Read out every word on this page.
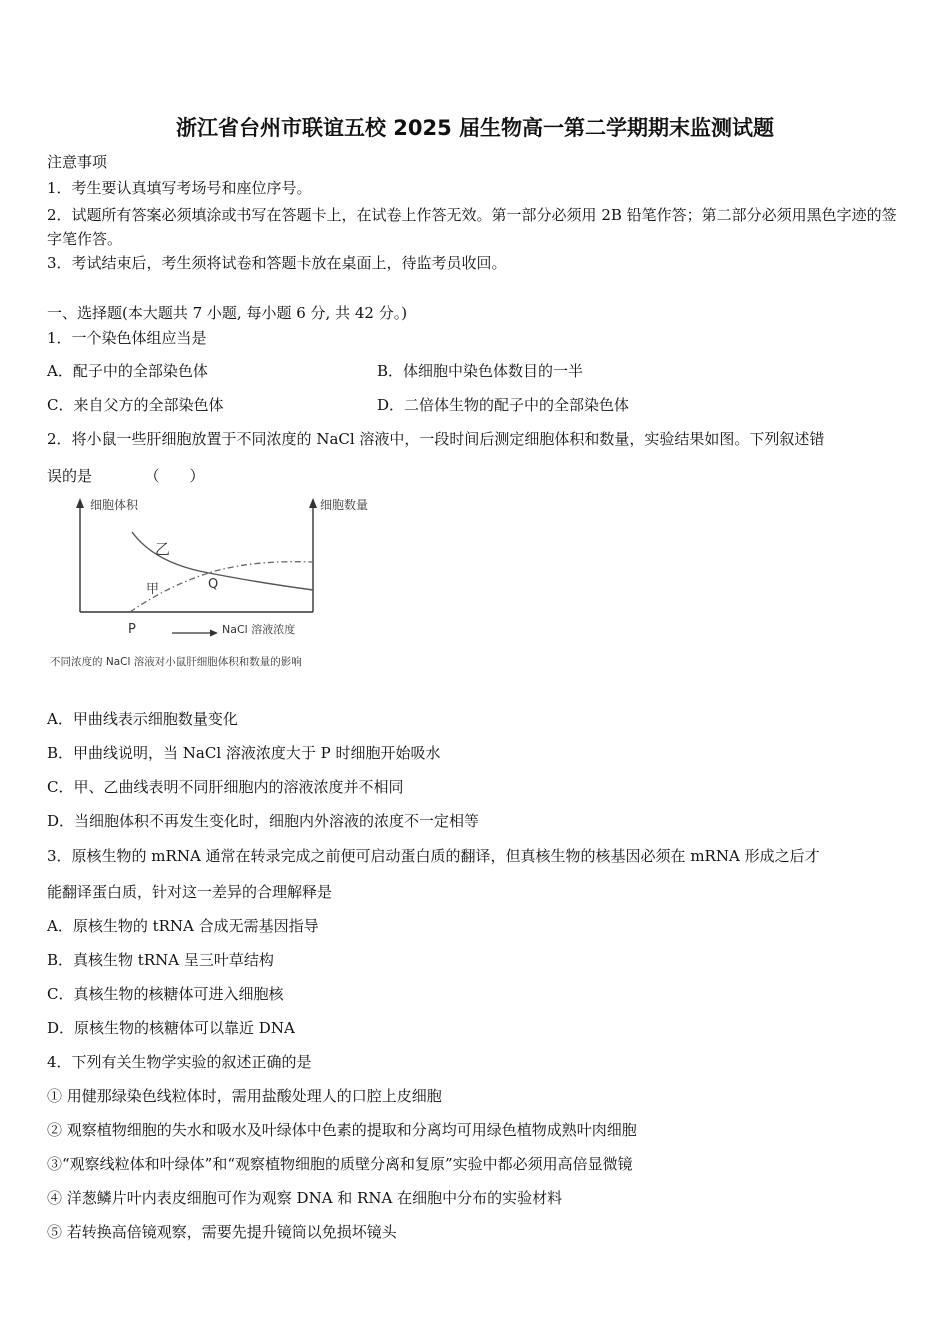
浙江省台州市联谊五校 2025 届生物高一第二学期期末监测试题
注意事项
1．考生要认真填写考场号和座位序号。
2．试题所有答案必须填涂或书写在答题卡上，在试卷上作答无效。第一部分必须用 2B 铅笔作答；第二部分必须用黑色字迹的签字笔作答。
3．考试结束后，考生须将试卷和答题卡放在桌面上，待监考员收回。
一、选择题(本大题共 7 小题, 每小题 6 分, 共 42 分。)
1．一个染色体组应当是
A．配子中的全部染色体	B．体细胞中染色体数目的一半
C．来自父方的全部染色体	D．二倍体生物的配子中的全部染色体
2．将小鼠一些肝细胞放置于不同浓度的 NaCl 溶液中，一段时间后测定细胞体积和数量，实验结果如图。下列叙述错
误的是　　　　（　　）
细胞体积	细胞数量
乙
甲	Q
P	NaCl 溶液浓度
不同浓度的 NaCl 溶液对小鼠肝细胞体积和数量的影响
A．甲曲线表示细胞数量变化
B．甲曲线说明，当 NaCl 溶液浓度大于 P 时细胞开始吸水
C．甲、乙曲线表明不同肝细胞内的溶液浓度并不相同
D．当细胞体积不再发生变化时，细胞内外溶液的浓度不一定相等
3．原核生物的 mRNA 通常在转录完成之前便可启动蛋白质的翻译，但真核生物的核基因必须在 mRNA 形成之后才
能翻译蛋白质，针对这一差异的合理解释是
A．原核生物的 tRNA 合成无需基因指导
B．真核生物 tRNA 呈三叶草结构
C．真核生物的核糖体可进入细胞核
D．原核生物的核糖体可以靠近 DNA
4．下列有关生物学实验的叙述正确的是
① 用健那绿染色线粒体时，需用盐酸处理人的口腔上皮细胞
② 观察植物细胞的失水和吸水及叶绿体中色素的提取和分离均可用绿色植物成熟叶肉细胞
③“观察线粒体和叶绿体”和“观察植物细胞的质壁分离和复原”实验中都必须用高倍显微镜
④ 洋葱鳞片叶内表皮细胞可作为观察 DNA 和 RNA 在细胞中分布的实验材料
⑤ 若转换高倍镜观察，需要先提升镜筒以免损坏镜头
